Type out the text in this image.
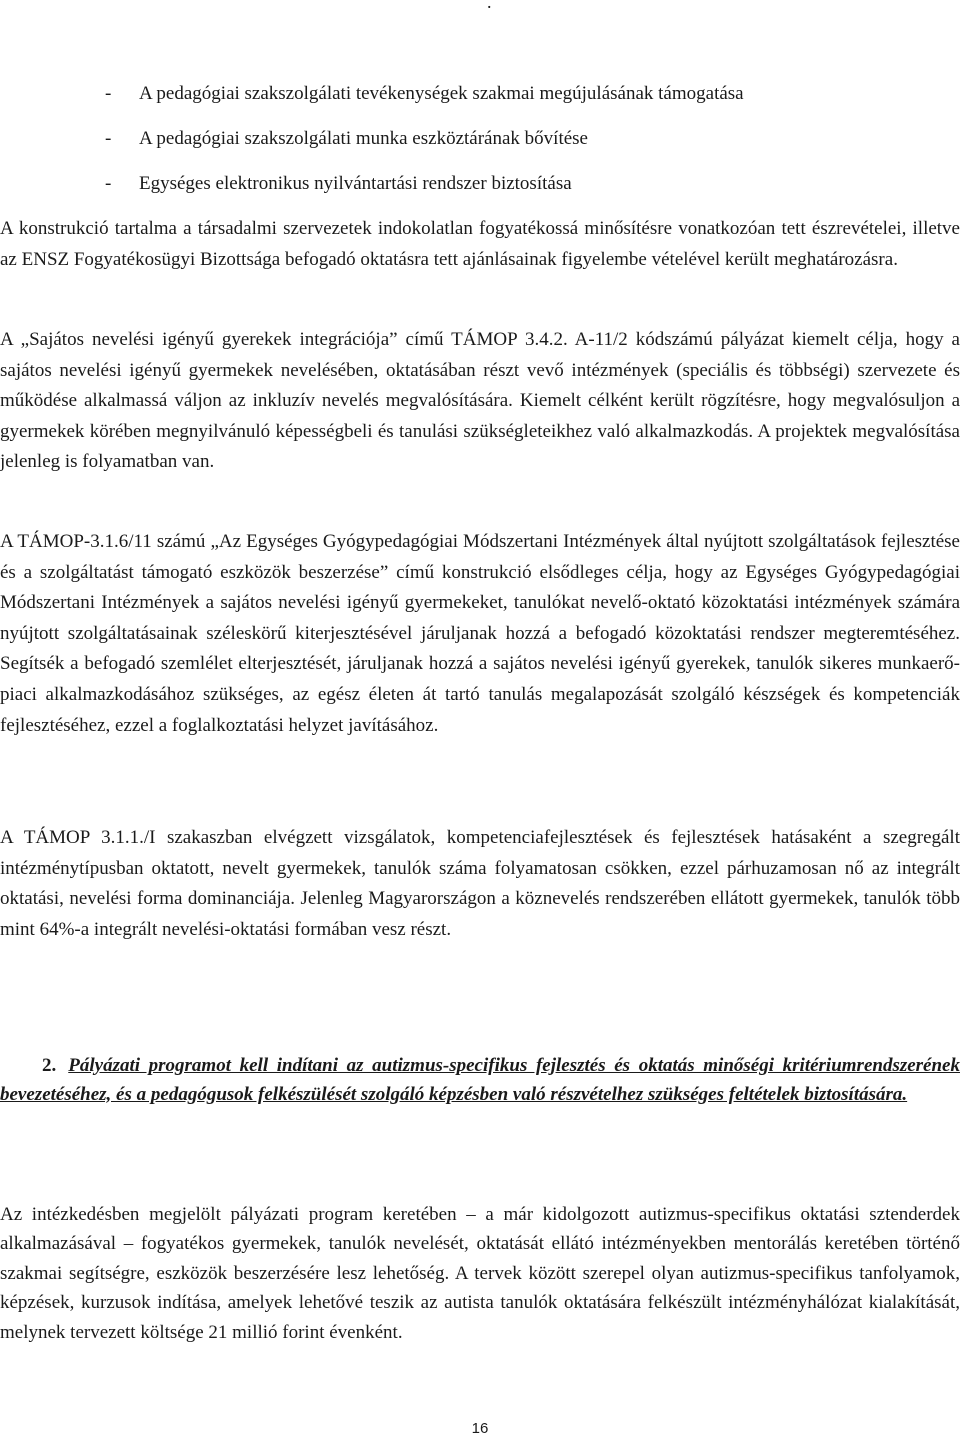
.
- A pedagógiai szakszolgálati tevékenységek szakmai megújulásának támogatása
- A pedagógiai szakszolgálati munka eszköztárának bővítése
- Egységes elektronikus nyilvántartási rendszer biztosítása

A konstrukció tartalma a társadalmi szervezetek indokolatlan fogyatékossá minősítésre vonatkozóan tett észrevételei, illetve az ENSZ Fogyatékosügyi Bizottsága befogadó oktatásra tett ajánlásainak figyelembe vételével került meghatározásra.

A „Sajátos nevelési igényű gyerekek integrációja” című TÁMOP 3.4.2. A-11/2 kódszámú pályázat kiemelt célja, hogy a sajátos nevelési igényű gyermekek nevelésében, oktatásában részt vevő intézmények (speciális és többségi) szervezete és működése alkalmassá váljon az inkluzív nevelés megvalósítására. Kiemelt célként került rögzítésre, hogy megvalósuljon a gyermekek körében megnyilvánuló képességbeli és tanulási szükségleteikhez való alkalmazkodás. A projektek megvalósítása jelenleg is folyamatban van.

A TÁMOP-3.1.6/11 számú „Az Egységes Gyógypedagógiai Módszertani Intézmények által nyújtott szolgáltatások fejlesztése és a szolgáltatást támogató eszközök beszerzése” című konstrukció elsődleges célja, hogy az Egységes Gyógypedagógiai Módszertani Intézmények a sajátos nevelési igényű gyermekeket, tanulókat nevelő-oktató közoktatási intézmények számára nyújtott szolgáltatásainak széleskörű kiterjesztésével járuljanak hozzá a befogadó közoktatási rendszer megteremtéséhez. Segítsék a befogadó szemlélet elterjesztését, járuljanak hozzá a sajátos nevelési igényű gyerekek, tanulók sikeres munkaerő-piaci alkalmazkodásához szükséges, az egész életen át tartó tanulás megalapozását szolgáló készségek és kompetenciák fejlesztéséhez, ezzel a foglalkoztatási helyzet javításához.

A TÁMOP 3.1.1./I szakaszban elvégzett vizsgálatok, kompetenciafejlesztések és fejlesztések hatásaként a szegregált intézménytípusban oktatott, nevelt gyermekek, tanulók száma folyamatosan csökken, ezzel párhuzamosan nő az integrált oktatási, nevelési forma dominanciája. Jelenleg Magyarországon a köznevelés rendszerében ellátott gyermekek, tanulók több mint 64%-a integrált nevelési-oktatási formában vesz részt.

2. Pályázati programot kell indítani az autizmus-specifikus fejlesztés és oktatás minőségi kritériumrendszerének bevezetéséhez, és a pedagógusok felkészülését szolgáló képzésben való részvételhez szükséges feltételek biztosítására.

Az intézkedésben megjelölt pályázati program keretében – a már kidolgozott autizmus-specifikus oktatási sztenderdek alkalmazásával – fogyatékos gyermekek, tanulók nevelését, oktatását ellátó intézményekben mentorálás keretében történő szakmai segítségre, eszközök beszerzésére lesz lehetőség. A tervek között szerepel olyan autizmus-specifikus tanfolyamok, képzések, kurzusok indítása, amelyek lehetővé teszik az autista tanulók oktatására felkészült intézményhálózat kialakítását, melynek tervezett költsége 21 millió forint évenként.

16
